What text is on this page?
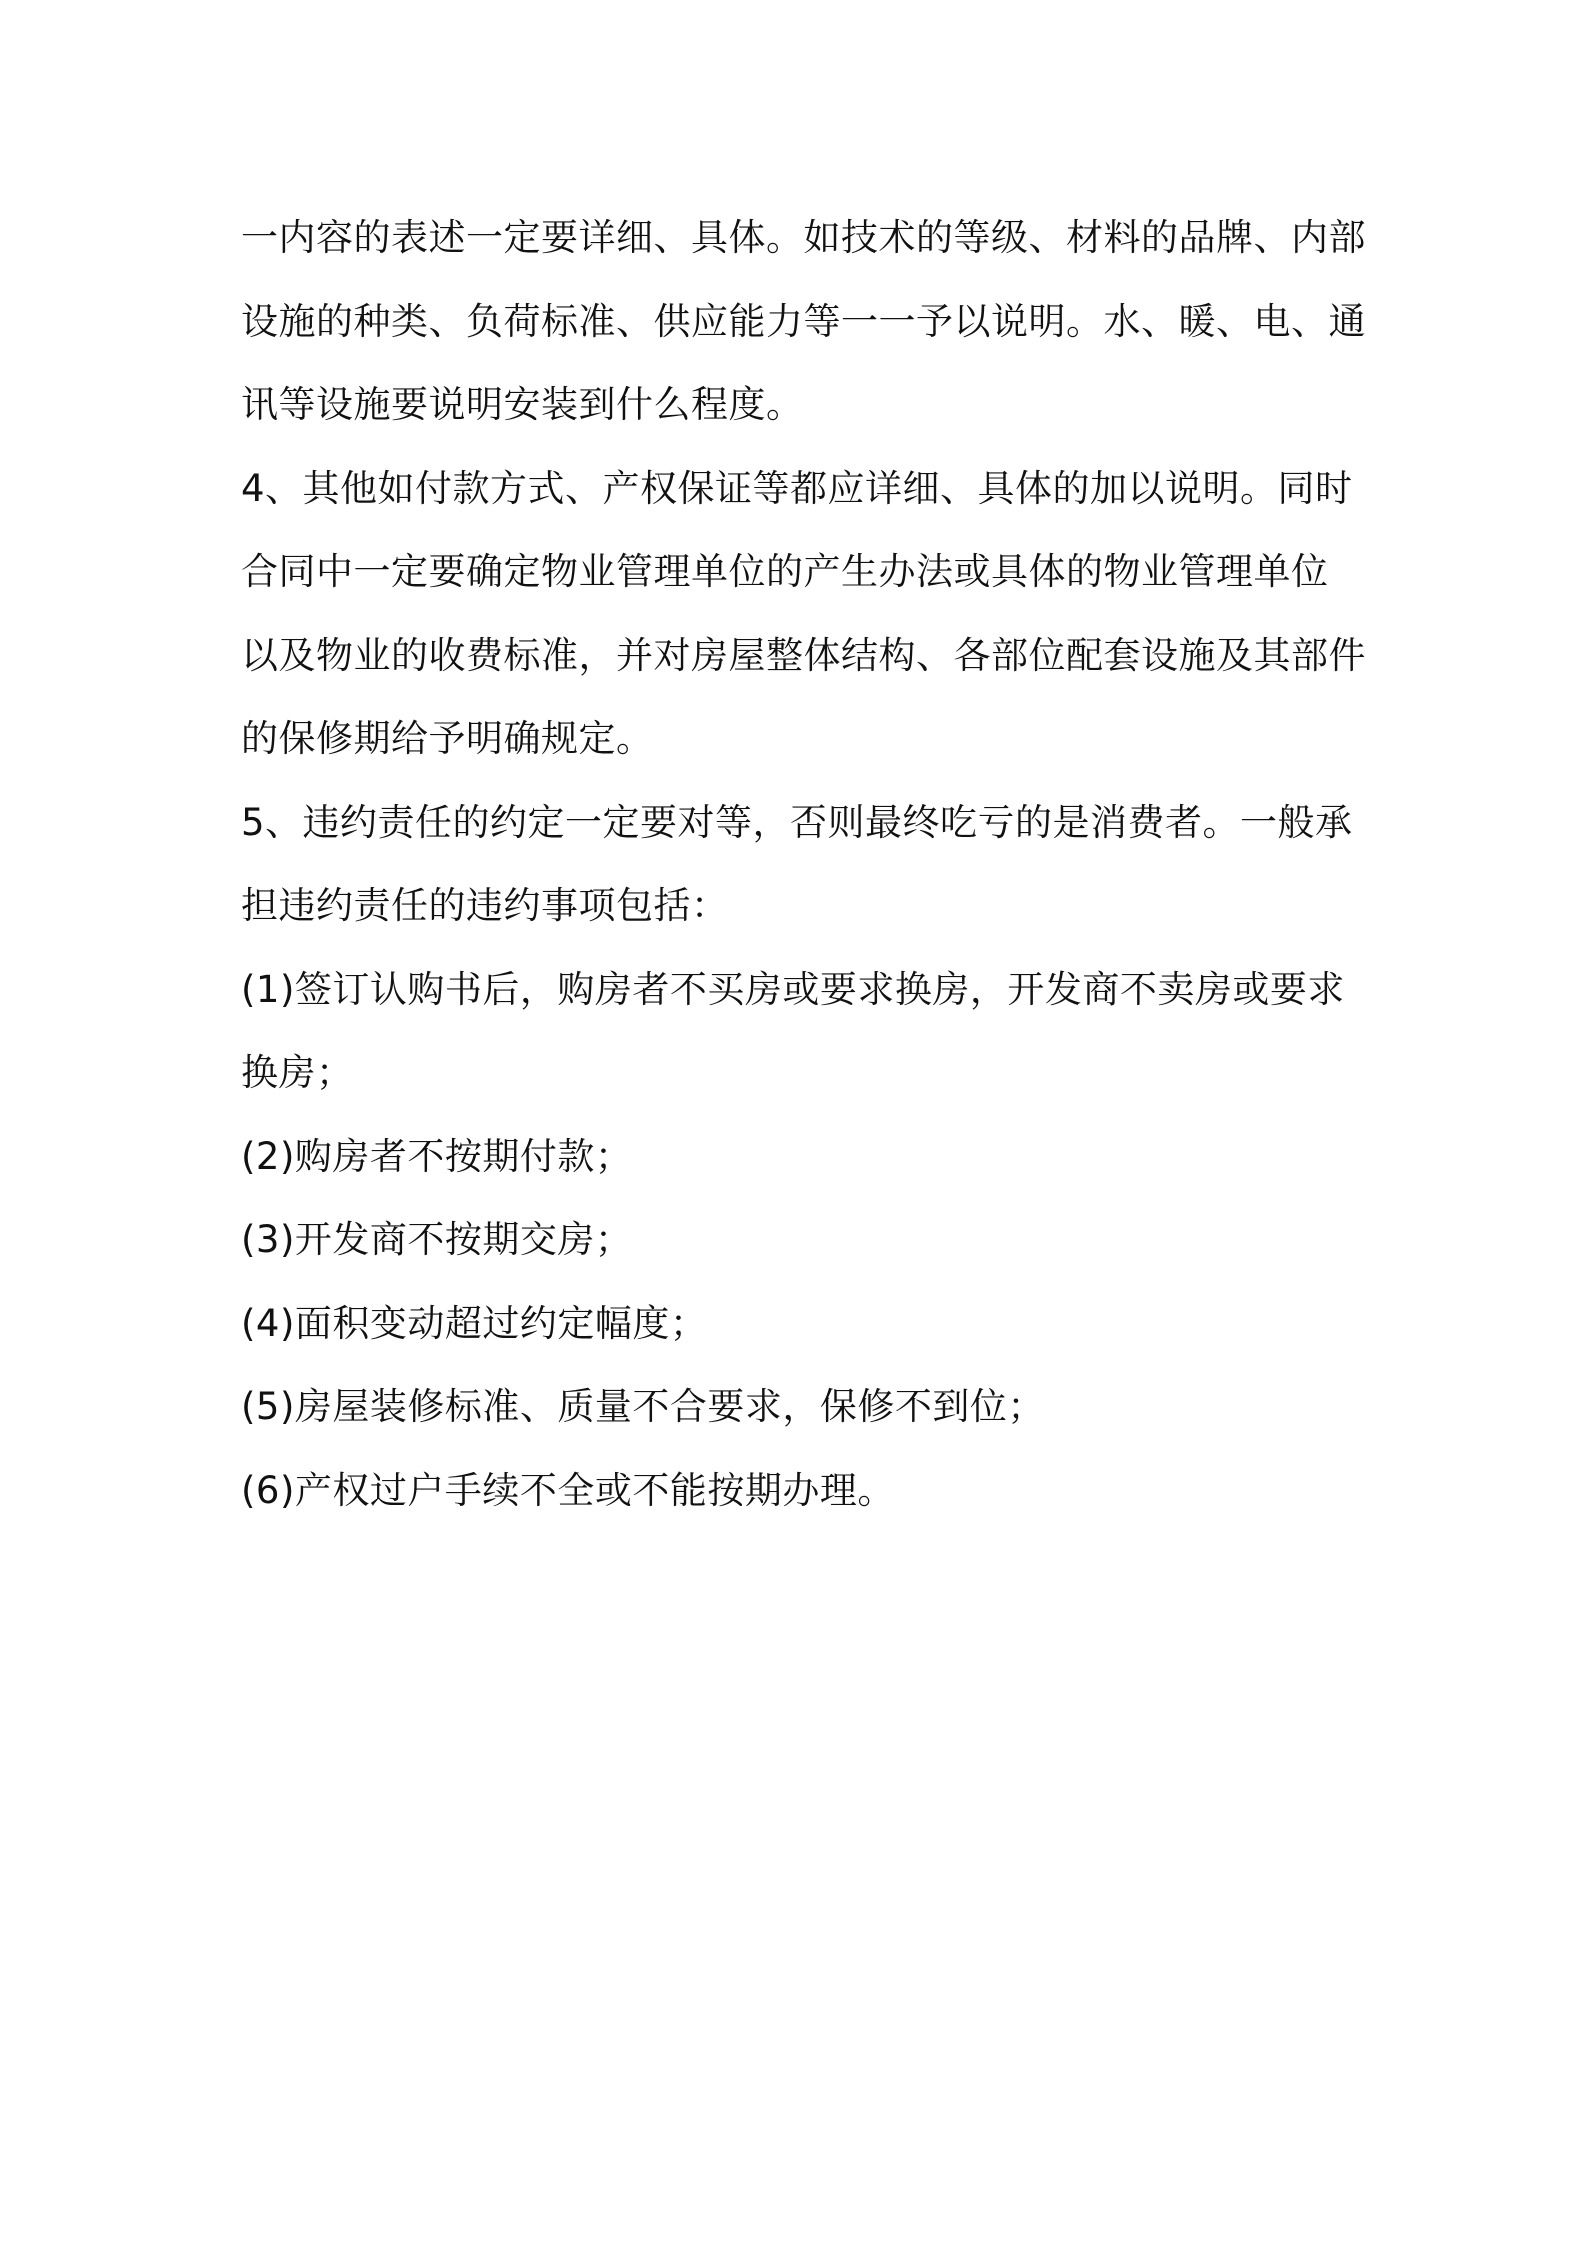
一内容的表述一定要详细、具体。如技术的等级、材料的品牌、内部
设施的种类、负荷标准、供应能力等一一予以说明。水、暖、电、通
讯等设施要说明安装到什么程度。

4、其他如付款方式、产权保证等都应详细、具体的加以说明。同时
合同中一定要确定物业管理单位的产生办法或具体的物业管理单位
以及物业的收费标准，并对房屋整体结构、各部位配套设施及其部件
的保修期给予明确规定。

5、违约责任的约定一定要对等，否则最终吃亏的是消费者。一般承
担违约责任的违约事项包括：

(1)签订认购书后，购房者不买房或要求换房，开发商不卖房或要求
换房；

(2)购房者不按期付款；

(3)开发商不按期交房；

(4)面积变动超过约定幅度；

(5)房屋装修标准、质量不合要求，保修不到位；

(6)产权过户手续不全或不能按期办理。
